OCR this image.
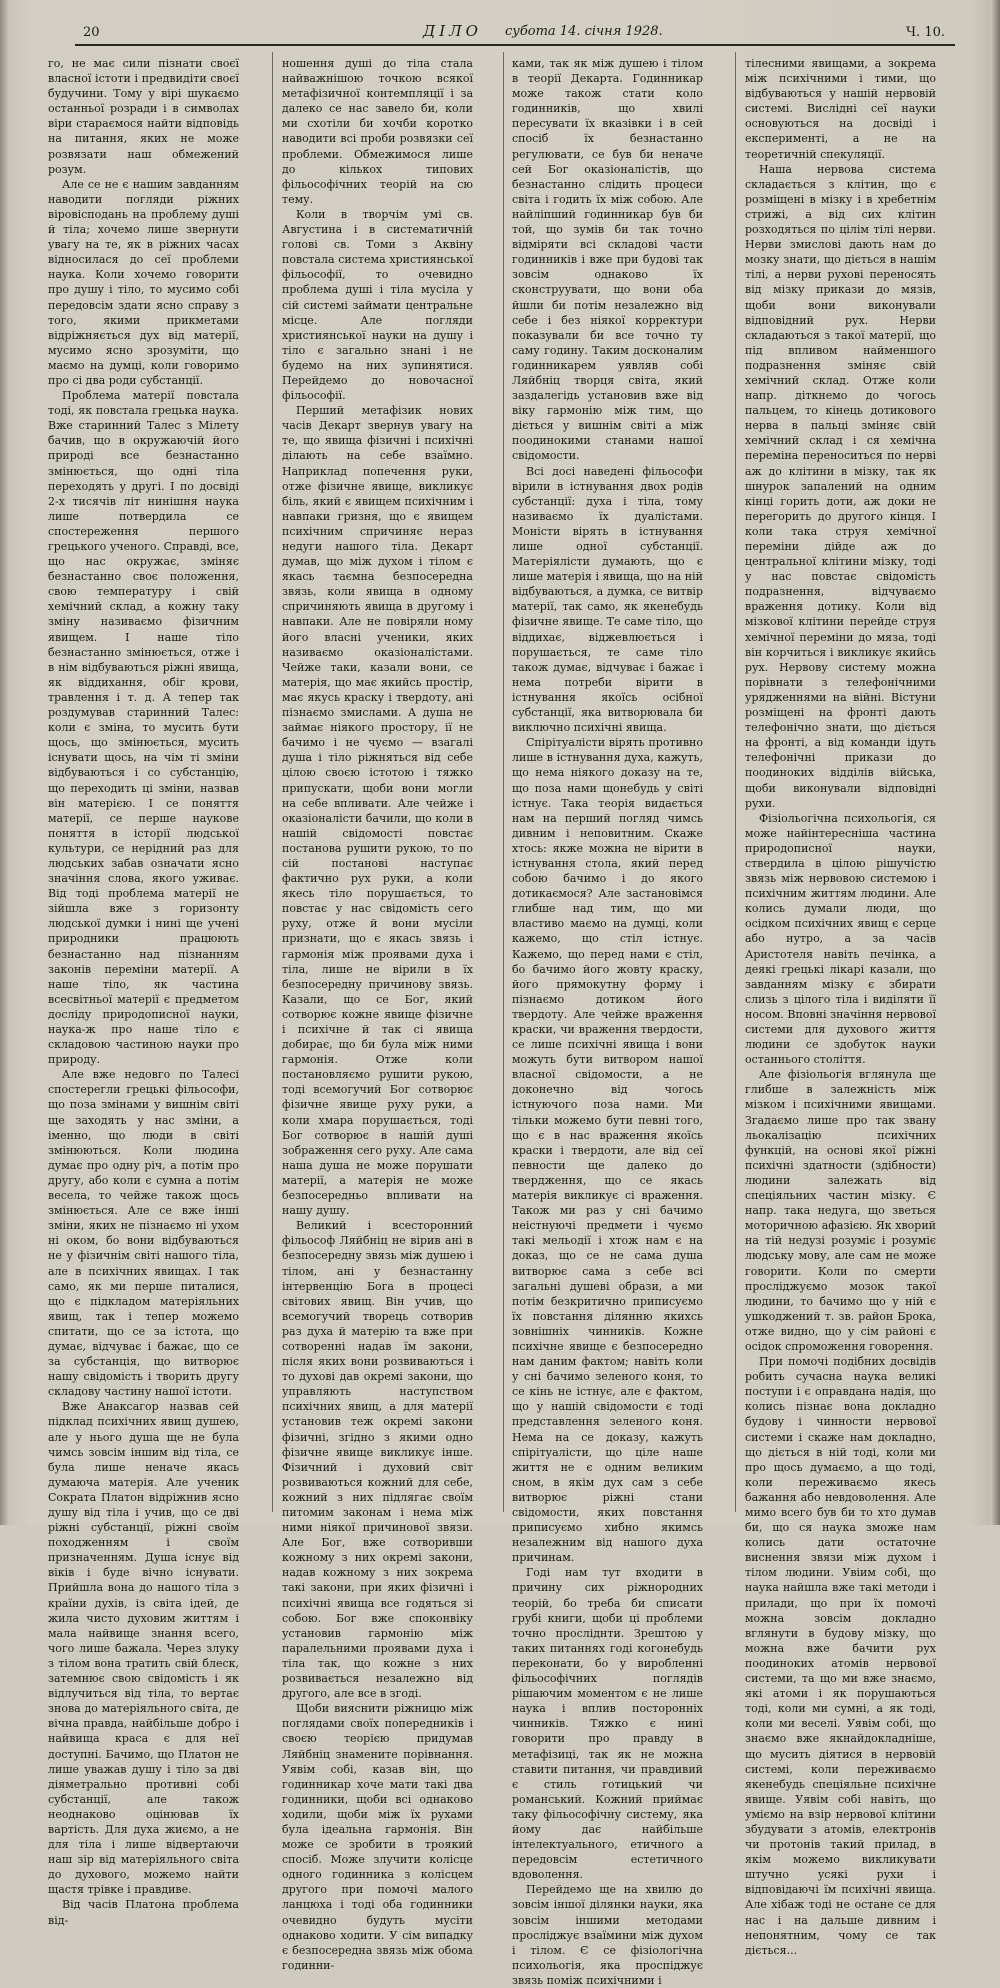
20	ДІЛО субота 14. січня 1928.	Ч. 10.

го, не має сили пізнати своєї власної істоти і предвидіти своєї будучини. Тому у вірі шукаємо останньої розради і в символах віри стараємося найти відповідь на питання, яких не може розвязати наш обмежений розум.

Але се не є нашим завданням наводити погляди ріжних віровісподань на проблему душі й тіла; хочемо лише звернути увагу на те, як в ріжних часах відносилася до сеї проблеми наука. Коли хочемо говорити про душу і тіло, то мусимо собі передовсім здати ясно справу з того, якими прикметами відріжняється дух від матерії, мусимо ясно зрозуміти, що маємо на думці, коли говоримо про сі два роди субстанції.

Проблема матерії повстала тоді, як повстала грецька наука. Вже старинний Талес з Мілету бачив, що в окружаючій його природі все безнастанно змінюється, що одні тіла переходять у другі. І по досвіді 2-х тисячів літ нинішня наука лише потвердила се спостереження першого грецького ученого. Справді, все, що нас окружає, зміняє безнастанно своє положення, свою температуру і свій хемічний склад, а кожну таку зміну називаємо фізичним явищем. І наше тіло безнастанно змінюється, отже і в нім відбуваються ріжні явища, як віддихання, обіг крови, травлення і т. д. А тепер так роздумував старинний Талес: коли є зміна, то мусить бути щось, що змінюється, мусить існувати щось, на чім ті зміни відбуваються і со субстанцію, що переходить ці зміни, назвав він матерією. І се поняття матерії, се перше наукове поняття в історії людської культури, се нерідний раз для людських забав означати ясно значіння слова, якого уживає. Від тоді проблема матерії не зійшла вже з горизонту людської думки і нині ще учені природники працюють безнастанно над пізнанням законів переміни матерії. А наше тіло, як частина всесвітньої матерії є предметом досліду природописної науки, наука-ж про наше тіло є складовою частиною науки про природу.

Але вже недовго по Талесі спостерегли грецькі фільософи, що поза змінами у вишнім світі ще заходять у нас зміни, а іменно, що люди в світі змінюються. Коли людина думає про одну річ, а потім про другу, або коли є сумна а потім весела, то чейже також щось змінюється. Але се вже інші зміни, яких не пізнаємо ні ухом ні оком, бо вони відбуваються не у фізичнім світі нашого тіла, але в психічних явищах. І так само, як ми перше питалися, що є підкладом матеріяльних явищ, так і тепер можемо спитати, що се за істота, що думає, відчуває і бажає, що се за субстанція, що витворює нашу свідомість і творить другу складову частину нашої істоти.

Вже Анаксагор назвав сей підклад психічних явищ душею, але у нього душа ще не була чимсь зовсім іншим від тіла, се була лише неначе якась думаюча матерія. Але ученик Сократа Платон відріжнив ясно душу від тіла і учив, що се дві ріжні субстанції, ріжні своїм походженням і своїм призначенням. Душа існує від віків і буде вічно існувати. Прийшла вона до нашого тіла з країни духів, із світа ідей, де жила чисто духовим життям і мала найвище знання всего, чого лише бажала. Через злуку з тілом вона тратить свій блеск, затемнює свою свідомість і як відлучиться від тіла, то вертає знова до матеріяльного світа, де вічна правда, найбільше добро і найвища краса є для неї доступні. Бачимо, що Платон не лише уважав душу і тіло за дві діяметрально противні собі субстанції, але також неоднаково оцінював їх вартість. Для духа жиємо, а не для тіла і лише відвертаючи наш зір від матеріяльного світа до духового, можемо найти щастя трівке і правдиве.

Від часів Платона проблема від-

ношення душі до тіла стала найважнішою точкою всякої метафізичної контемпляції і за далеко се нас завело би, коли ми схотіли би хочби коротко наводити всі проби розвязки сеї проблеми. Обмежимося лише до кількох типових фільософічних теорій на сю тему.

Коли в творчім умі св. Августина і в систематичній голові св. Томи з Аквіну повстала система християнської фільософії, то очевидно проблема душі і тіла мусіла у сій системі займати центральне місце. Але погляди християнської науки на душу і тіло є загально знані і не будемо на них зупинятися. Перейдемо до новочасної фільософії.

Перший метафізик нових часів Декарт звернув увагу на те, що явища фізичні і психічні ділають на себе взаїмно. Наприклад попечення руки, отже фізичне явище, викликує біль, який є явищем психічним і навпаки гризня, що є явищем психічним спричиняє нераз недуги нашого тіла. Декарт думав, що між духом і тілом є якась таємна безпосередна звязь, коли явища в одному спричиняють явища в другому і навпаки. Але не повіряли ному його власні ученики, яких називаємо оказіоналістами. Чейже таки, казали вони, се матерія, що має якийсь простір, має якусь краску і твердоту, ані пізнаємо змислами. А душа не займає ніякого простору, ії не бачимо і не чуємо — взагалі душа і тіло ріжняться від себе цілою своєю істотою і тяжко припускати, щоби вони могли на себе впливати. Але чейже і оказіоналісти бачили, що коли в нашій свідомості повстає постанова рушити рукою, то по сій постанові наступає фактично рух руки, а коли якесь тіло порушається, то повстає у нас свідомість сего руху, отже й вони мусіли признати, що є якась звязь і гармонія між проявами духа і тіла, лише не вірили в їх безпосередну причинову звязь. Казали, що се Бог, який сотворює кожне явище фізичне і психічне й так сі явища добирає, що би була між ними гармонія. Отже коли постановляємо рушити рукою, тоді всемогучий Бог сотворює фізичне явище руху руки, а коли хмара порушається, тоді Бог сотворює в нашій душі зображення сего руху. Але сама наша душа не може порушати матерії, а матерія не може безпосередньо впливати на нашу душу.

Великий і всесторонний фільософ Ляйбніц не вірив ані в безпосередну звязь між душею і тілом, ані у безнастанну інтервенцію Бога в процесі світових явищ. Він учив, що всемогучий творець сотворив раз духа й матерію та вже при сотворенні надав їм закони, після яких вони розвиваються і то духові дав окремі закони, що управляють наступством психічних явищ, а для матерії установив теж окремі закони фізичні, згідно з якими одно фізичне явище викликує інше. Фізичний і духовий світ розвиваються кожний для себе, кожний з них підлягає своїм питомим законам і нема між ними ніякої причинової звязи. Але Бог, вже сотворивши кожному з них окремі закони, надав кожному з них зокрема такі закони, при яких фізичні і психічні явища все годяться зі собою. Бог вже споконвіку установив гармонію між паралельними проявами духа і тіла так, що кожне з них розвивається незалежно від другого, але все в згоді.

Щоби вияснити ріжницю між поглядами своїх попередників і своєю теорією придумав Ляйбніц знамените порівнання. Уявім собі, казав він, що годинникар хоче мати такі два годинники, щоби всі однаково ходили, щоби між їх рухами була ідеальна гармонія. Він може се зробити в троякий спосіб. Може злучити колісце одного годинника з колісцем другого при помочі малого ланцюха і тоді оба годинники очевидно будуть мусіти однаково ходити. У сім випадку є безпосередна звязь між обома годинни-

ками, так як між душею і тілом в теорії Декарта. Годинникар може також стати коло годинників, що хвилі пересувати їх вказівки і в сей спосіб їх безнастанно регулювати, се був би неначе сей Бог оказіоналістів, що безнастанно слідить процеси світа і годить їх між собою. Але найліпший годинникар був би той, що зумів би так точно відміряти всі складові части годинників і вже при будові так зовсім однаково їх сконструувати, що вони оба йшли би потім незалежно від себе і без ніякої корректури показували би все точно ту саму годину. Таким досконалим годинникарем уявляв собі Ляйбніц творця світа, який заздалегідь установив вже від віку гармонію між тим, що діється у вишнім світі а між поодинокими станами нашої свідомости.

Всі досі наведені фільософи вірили в істнування двох родів субстанції: духа і тіла, тому називаємо їх дуалістами. Моністи вірять в істнування лише одної субстанції. Матеріялісти думають, що є лише матерія і явища, що на ній відбуваються, а думка, се витвір матерії, так само, як якенебудь фізичне явище. Те саме тіло, що віддихає, віджевлюється і порушається, те саме тіло також думає, відчуває і бажає і нема потреби вірити в істнування якоїсь осібної субстанції, яка витворювала би виключно психічні явища.

Спірітуалісти вірять противно лише в істнування духа, кажуть, що нема ніякого доказу на те, що поза нами щонебудь у світі істнує. Така теорія видається нам на перший погляд чимсь дивним і неповитним. Скаже хтось: якже можна не вірити в істнування стола, який перед собою бачимо і до якого дотикаємося? Але застановімся глибше над тим, що ми властиво маємо на думці, коли кажемо, що стіл істнує. Кажемо, що перед нами є стіл, бо бачимо його жовту краску, його прямокутну форму і пізнаємо дотиком його твердоту. Але чейже враження краски, чи враження твердости, се лише психічні явища і вони можуть бути витвором нашої власної свідомости, а не доконечно від чогось істнуючого поза нами. Ми тільки можемо бути певні того, що є в нас враження якоїсь краски і твердоти, але від сеї певности ще далеко до твердження, що се якась матерія викликує сі враження. Також ми раз у сні бачимо неістнуючі предмети і чуємо такі мельодії і хтож нам є на доказ, що се не сама душа витворює сама з себе всі загальні душеві образи, а ми потім безкритично приписуємо їх повстання ділянню якихсь зовнішніх чинників. Кожне психічне явище є безпосередно нам даним фактом; навіть коли у сні бачимо зеленого коня, то се кінь не істнує, але є фактом, що у нашій свідомости є тоді представлення зеленого коня. Нема на се доказу, кажуть спірітуалісти, що ціле наше життя не є одним великим сном, в якім дух сам з себе витворює ріжні стани свідомости, яких повстання приписуємо хибно якимсь незалежним від нашого духа причинам.

Годі нам тут входити в причину сих ріжнородних теорій, бо треба би списати грубі книги, щоби ці проблеми точно просліднти. Зрештою у таких питаннях годі когонебудь переконати, бо у виробленні фільософічних поглядів рішаючим моментом є не лише наука і вплив посторонніх чинників. Тяжко є нині говорити про правду в метафізиці, так як не можна ставити питання, чи правдивий є стиль готицький чи романський. Кожний приймає таку фільософічну систему, яка йому дає найбільше інтелектуального, етичного а передовсім естетичного вдоволення.

Перейдемо ще на хвилю до зовсім іншої ділянки науки, яка зовсім іншими методами просліджує взаїмини між духом і тілом. Є се фізіологічна психольогія, яка проспіджує звязь поміж психічними і

тілесними явищами, а зокрема між психічними і тими, що відбуваються у нашій нервовій системі. Вислідні сеї науки основуються на досвіді і експерименті, а не на теоретичній спекуляції.

Наша нервова система складається з клітин, що є розміщені в мізку і в хребетнім стрижі, а від сих клітин розходяться по цілім тілі нерви. Нерви змислові дають нам до мозку знати, що діється в нашім тілі, а нерви рухові переносять від мізку прикази до мязів, щоби вони виконували відповідний рух. Нерви складаються з такої матерії, що під впливом найменшого подразнення зміняє свій хемічний склад. Отже коли напр. діткнемо до чогось пальцем, то кінець дотикового нерва в пальці зміняє свій хемічний склад і ся хемічна переміна переноситься по нерві аж до клітини в мізку, так як шнурок запалений на одним кінці горить доти, аж доки не перегорить до другого кінця. І коли така струя хемічної переміни дійде аж до центральної клітини мізку, тоді у нас повстає свідомість подразнення, відчуваємо враження дотику. Коли від мізкової клітини перейде струя хемічної переміни до мяза, тоді він корчиться і викликує якийсь рух. Нервову систему можна порівнати з телефонічними урядженнями на війні. Вістуни розміщені на фронті дають телефонічно знати, що діється на фронті, а від команди ідуть телефонічні прикази до поодиноких відділів війська, щоби виконували відповідні рухи.

Фізіольогічна психольогія, ся може найінтересніша частина природописної науки, ствердила в цілою рішучістю звязь між нервовою системою і психічним життям людини. Але колись думали люди, що осідком психічних явищ є серце або нутро, а за часів Аристотеля навіть печінка, а деякі грецькі лікарі казали, що завданням мізку є збирати слизь з цілого тіла і виділяти її носом. Вповні значіння нервової системи для духового життя людини се здобуток науки останнього століття.

Але фізіольогія вглянула ще глибше в залежність між мізком і психічними явищами. Згадаємо лише про так звану льокалізацію психічних функцій, на основі якої ріжні психічні здатности (здібности) людини залежать від спеціяльних частин мізку. Є напр. така недуга, що зветься моторичною афазією. Як хворий на тій недузі розуміє і розуміє людську мову, але сам не може говорити. Коли по смерти просліджуємо мозок такої людини, то бачимо що у ній є ушкоджений т. зв. район Брока, отже видно, що у сім районі є осідок спроможення говорення.

При помочі подібних досвідів робить сучасна наука великі поступи і є оправдана надія, що колись пізнає вона докладно будову і чинности нервової системи і скаже нам докладно, що діється в ній тоді, коли ми про щось думаємо, а що тоді, коли переживаємо якесь бажання або невдоволення. Але мимо всего був би то хто думав би, що ся наука зможе нам колись дати остаточне виснення звязи між духом і тілом людини. Увіим собі, що наука найшла вже такі методи і прилади, що при їх помочі можна зовсім докладно вглянути в будову мізку, що можна вже бачити рух поодиноких атомів нервової системи, та що ми вже знаємо, які атоми і як порушаються тоді, коли ми сумні, а як тоді, коли ми веселі. Уявім собі, що знаємо вже якнайдокладніше, що мусить діятися в нервовій системі, коли переживаємо якенебудь спеціяльне психічне явище. Уявім собі навіть, що уміємо на взір нервової клітини збудувати з атомів, електронів чи протонів такий прилад, в якім можемо викликувати штучно усякі рухи і відповідаючі їм психічні явища. Але хібаж тоді не остане се для нас і на дальше дивним і непонятним, чому се так діється...
